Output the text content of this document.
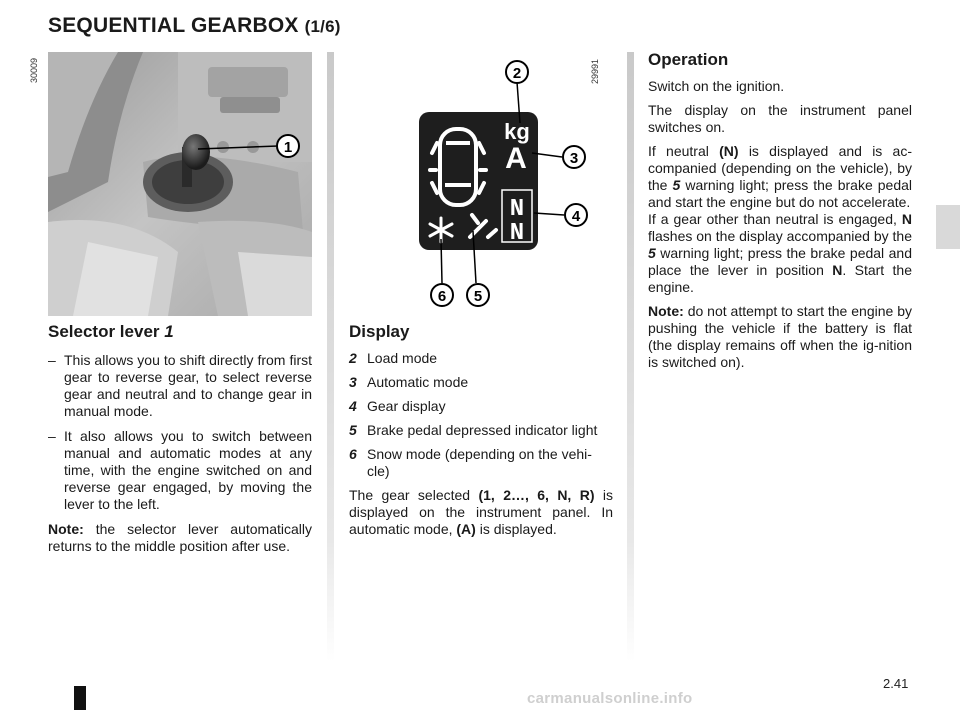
SEQUENTIAL GEARBOX (1/6)
30009	29991
1
kg
A
N
N
2
3
4
5
6
Selector lever 1
– This allows you to shift directly from first gear to reverse gear, to select reverse gear and neutral and to change gear in manual mode.
– It also allows you to switch between manual and automatic modes at any time, with the engine switched on and reverse gear engaged, by moving the lever to the left.
Note: the selector lever automatically returns to the middle position after use.
Display
2 Load mode
3 Automatic mode
4 Gear display
5 Brake pedal depressed indicator light
6 Snow mode (depending on the vehi-cle)
The gear selected (1, 2…, 6, N, R) is displayed on the instrument panel. In automatic mode, (A) is displayed.
Operation
Switch on the ignition.
The display on the instrument panel switches on.
If neutral (N) is displayed and is ac-companied (depending on the vehicle), by the 5 warning light; press the brake pedal and start the engine but do not accelerate.
If a gear other than neutral is engaged, N flashes on the display accompanied by the 5 warning light; press the brake pedal and place the lever in position N. Start the engine.
Note: do not attempt to start the engine by pushing the vehicle if the battery is flat (the display remains off when the ig-nition is switched on).
2.41
carmanualsonline.info
